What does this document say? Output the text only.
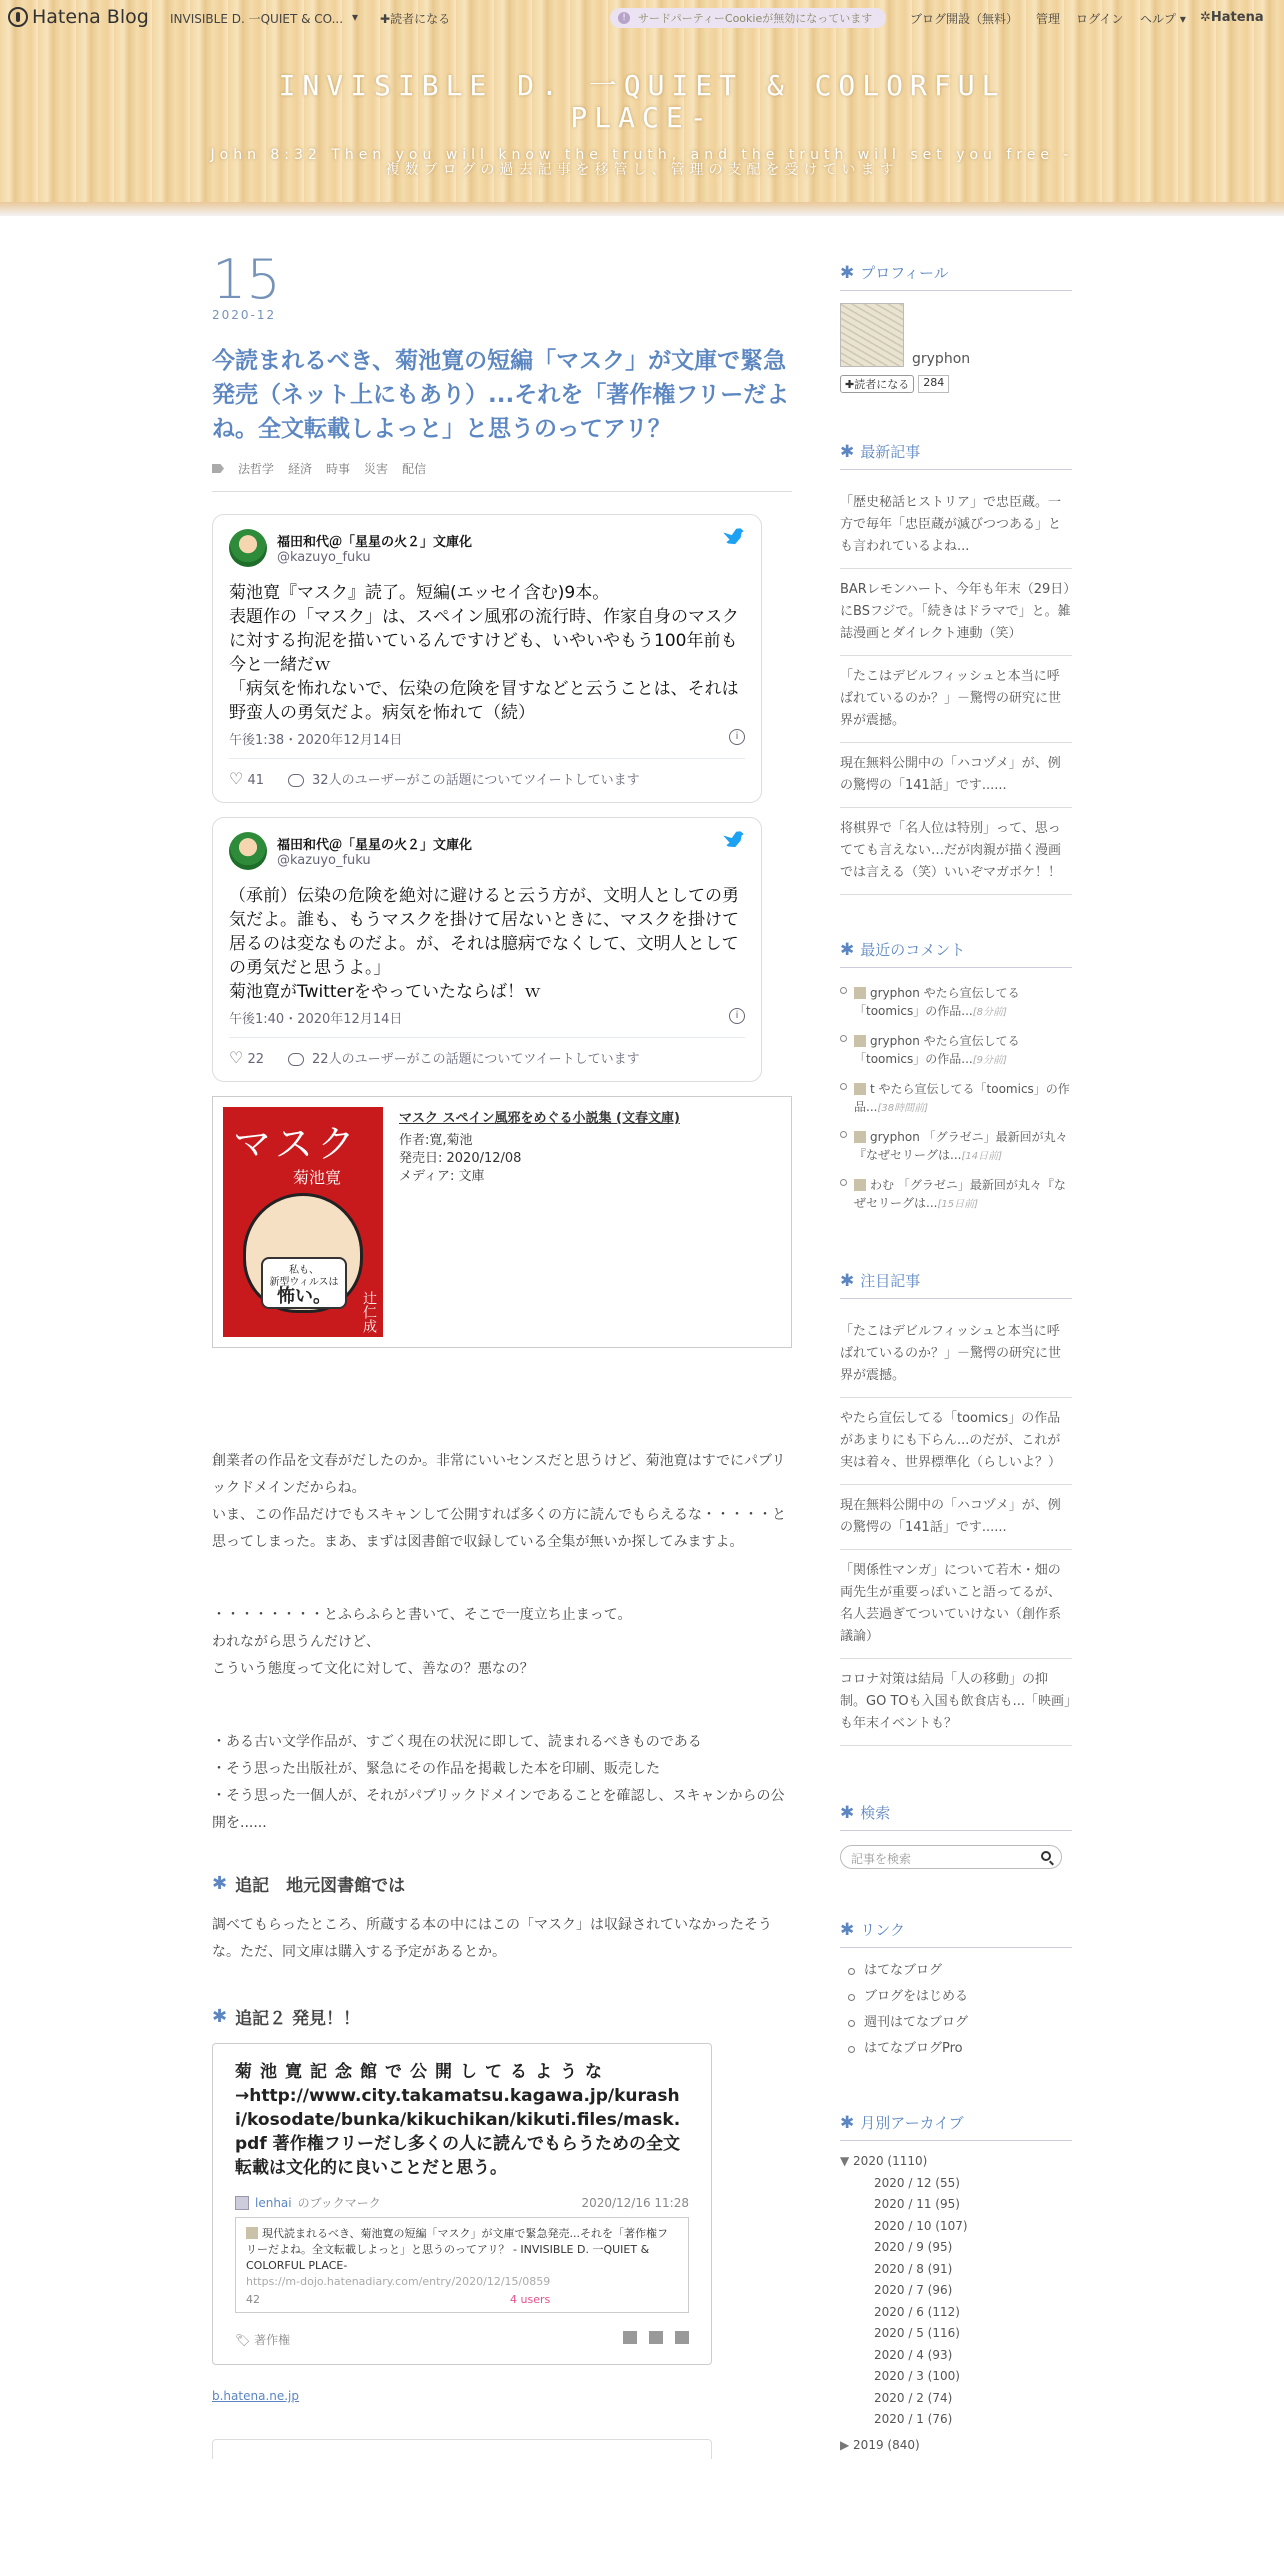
INVISIBLE D. 一QUIET & COLORFUL PLACE-
John 8:32 Then you will know the truth, and the truth will set you free - 複数ブログの過去記事を移管し、管理の支配を受けています
Hatena Blog INVISIBLE D. 一QUIET & CO... ▾ ✚読者になる	!	サードパーティーCookieが無効になっています	ブログ開設（無料） 管理 ログイン ヘルプ ▾ ✲Hatena
15
2020-12
今読まれるべき、菊池寛の短編「マスク」が文庫で緊急発売（ネット上にもあり）...それを「著作権フリーだよね。全文転載しよっと」と思うのってアリ？
法哲学 経済 時事 災害 配信
福田和代＠「星星の火２」文庫化
@kazuyo_fuku
菊池寛『マスク』読了。短編(エッセイ含む)9本。
表題作の「マスク」は、スペイン風邪の流行時、作家自身のマスクに対する拘泥を描いているんですけども、いやいやもう100年前も今と一緒だｗ
「病気を怖れないで、伝染の危険を冒すなどと云うことは、それは野蛮人の勇気だよ。病気を怖れて（続）
午後1:38・2020年12月14日	i
♡ 41	32人のユーザーがこの話題についてツイートしています
福田和代＠「星星の火２」文庫化
@kazuyo_fuku
（承前）伝染の危険を絶対に避けると云う方が、文明人としての勇気だよ。誰も、もうマスクを掛けて居ないときに、マスクを掛けて居るのは変なものだよ。が、それは臆病でなくして、文明人としての勇気だと思うよ。」
菊池寛がTwitterをやっていたならば！ｗ
午後1:40・2020年12月14日	i
♡ 22	22人のユーザーがこの話題についてツイートしています
マスク
菊池寛
私も、
新型ウィルスは
怖い。	辻仁成
マスク スペイン風邪をめぐる小説集 (文春文庫)
作者:寛,菊池
発売日: 2020/12/08
メディア: 文庫
創業者の作品を文春がだしたのか。非常にいいセンスだと思うけど、菊池寛はすでにパブリックドメインだからね。
いま、この作品だけでもスキャンして公開すれば多くの方に読んでもらえるな・・・・・と思ってしまった。まあ、まずは図書館で収録している全集が無いか探してみますよ。
・・・・・・・・とふらふらと書いて、そこで一度立ち止まって。
われながら思うんだけど、
こういう態度って文化に対して、善なの？悪なの？
・ある古い文学作品が、すごく現在の状況に即して、読まれるべきものである
・そう思った出版社が、緊急にその作品を掲載した本を印刷、販売した
・そう思った一個人が、それがパブリックドメインであることを確認し、スキャンからの公開を......
✱ 追記　地元図書館では
調べてもらったところ、所蔵する本の中にはこの「マスク」は収録されていなかったそうな。ただ、同文庫は購入する予定があるとか。
✱ 追記２ 発見！！
菊池寛記念館で公開してるような
→http://www.city.takamatsu.kagawa.jp/kurashi/kosodate/bunka/kikuchikan/kikuti.files/mask.pdf 著作権フリーだし多くの人に読んでもらうための全文転載は文化的に良いことだと思う。
lenhai のブックマーク	2020/12/16 11:28
現代読まれるべき、菊池寛の短編「マスク」が文庫で緊急発売...それを「著作権フリーだよね。全文転載しよっと」と思うのってアリ？ - INVISIBLE D. 一QUIET & COLORFUL PLACE-
https://m-dojo.hatenadiary.com/entry/2020/12/15/0859
42	4 users
🏷 著作権
b.hatena.ne.jp
✱ プロフィール
gryphon
✚読者になる	284
✱ 最新記事
「歴史秘話ヒストリア」で忠臣蔵。一方で毎年「忠臣蔵が滅びつつある」とも言われているよね...
BARレモンハート、今年も年末（29日）にBSフジで。「続きはドラマで」と。雑誌漫画とダイレクト連動（笑）
「たこはデビルフィッシュと本当に呼ばれているのか？」－驚愕の研究に世界が震撼。
現在無料公開中の「ハコヅメ」が、例の驚愕の「141話」です......
将棋界で「名人位は特別」って、思ってても言えない…だが肉親が描く漫画では言える（笑）いいぞマガボケ！！
✱ 最近のコメント
gryphon やたら宣伝してる「toomics」の作品...[8分前]
gryphon やたら宣伝してる「toomics」の作品...[9分前]
t やたら宣伝してる「toomics」の作品...[38時間前]
gryphon 「グラゼニ」最新回が丸々『なぜセリーグは...[14日前]
わむ 「グラゼニ」最新回が丸々『なぜセリーグは...[15日前]
✱ 注目記事
「たこはデビルフィッシュと本当に呼ばれているのか？」－驚愕の研究に世界が震撼。
やたら宣伝してる「toomics」の作品があまりにも下らん...のだが、これが実は着々、世界標準化（らしいよ？）
現在無料公開中の「ハコヅメ」が、例の驚愕の「141話」です......
「関係性マンガ」について若木・畑の両先生が重要っぽいこと語ってるが、名人芸過ぎてついていけない（創作系議論）
コロナ対策は結局「人の移動」の抑制。GO TOも入国も飲食店も...「映画」も年末イベントも？
✱ 検索
記事を検索
✱ リンク
はてなブログ
ブログをはじめる
週刊はてなブログ
はてなブログPro
✱ 月別アーカイブ
▼ 2020 (1110)
2020 / 12 (55)
2020 / 11 (95)
2020 / 10 (107)
2020 / 9 (95)
2020 / 8 (91)
2020 / 7 (96)
2020 / 6 (112)
2020 / 5 (116)
2020 / 4 (93)
2020 / 3 (100)
2020 / 2 (74)
2020 / 1 (76)
▶ 2019 (840)
